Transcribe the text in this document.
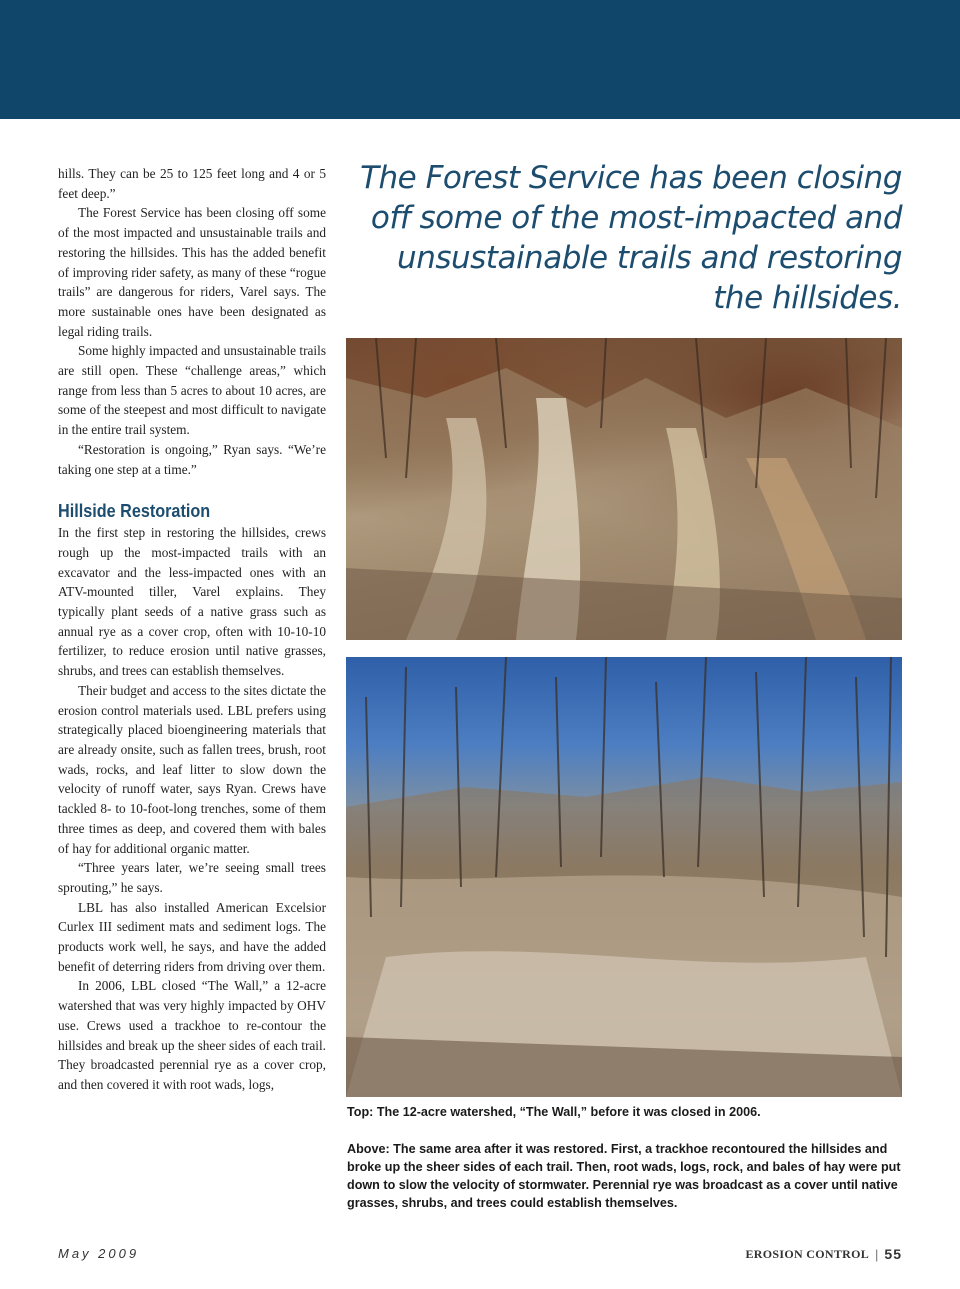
hills. They can be 25 to 125 feet long and 4 or 5 feet deep.”

The Forest Service has been closing off some of the most impacted and unsustainable trails and restoring the hillsides. This has the added benefit of improving rider safety, as many of these “rogue trails” are dangerous for riders, Varel says. The more sustainable ones have been designated as legal riding trails.

Some highly impacted and unsustainable trails are still open. These “challenge areas,” which range from less than 5 acres to about 10 acres, are some of the steepest and most difficult to navigate in the entire trail system.

“Restoration is ongoing,” Ryan says. “We’re taking one step at a time.”

Hillside Restoration

In the first step in restoring the hillsides, crews rough up the most-impacted trails with an excavator and the less-impacted ones with an ATV-mounted tiller, Varel explains. They typically plant seeds of a native grass such as annual rye as a cover crop, often with 10-10-10 fertilizer, to reduce erosion until native grasses, shrubs, and trees can establish themselves.

Their budget and access to the sites dictate the erosion control materials used. LBL prefers using strategically placed bioengineering materials that are already onsite, such as fallen trees, brush, root wads, rocks, and leaf litter to slow down the velocity of runoff water, says Ryan. Crews have tackled 8- to 10-foot-long trenches, some of them three times as deep, and covered them with bales of hay for additional organic matter.

“Three years later, we’re seeing small trees sprouting,” he says.

LBL has also installed American Excelsior Curlex III sediment mats and sediment logs. The products work well, he says, and have the added benefit of deterring riders from driving over them.

In 2006, LBL closed “The Wall,” a 12-acre watershed that was very highly impacted by OHV use. Crews used a trackhoe to re-contour the hillsides and break up the sheer sides of each trail. They broadcasted perennial rye as a cover crop, and then covered it with root wads, logs,

The Forest Service has been closing off some of the most-impacted and unsustainable trails and restoring the hillsides.
Top: The 12-acre watershed, “The Wall,” before it was closed in 2006.
Above: The same area after it was restored. First, a trackhoe recontoured the hillsides and broke up the sheer sides of each trail. Then, root wads, logs, rock, and bales of hay were put down to slow the velocity of stormwater. Perennial rye was broadcast as a cover until native grasses, shrubs, and trees could establish themselves.
May 2009	EROSION CONTROL | 55
